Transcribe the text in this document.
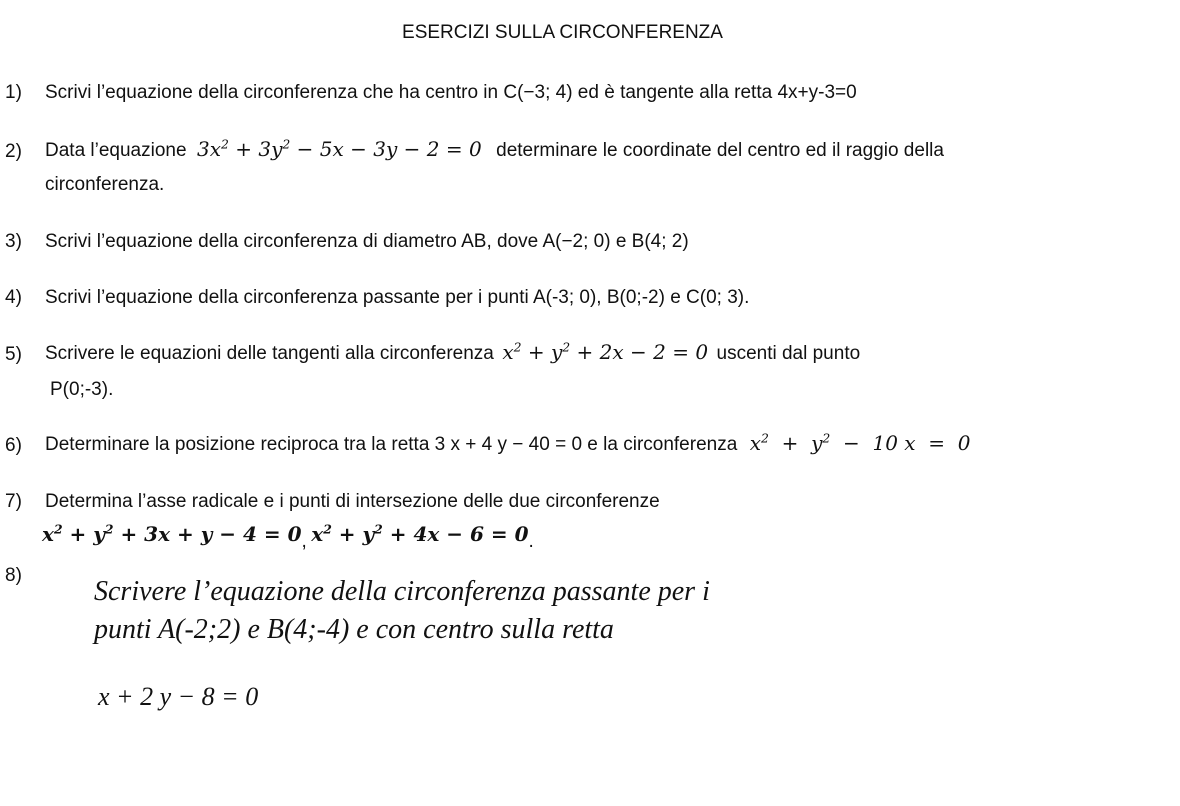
ESERCIZI SULLA CIRCONFERENZA
1) Scrivi l’equazione della circonferenza che ha centro in C(−3; 4) ed è tangente alla retta 4x+y-3=0
2) Data l’equazione $3x^2 + 3y^2 - 5x - 3y - 2 = 0$ determinare le coordinate del centro ed il raggio della
circonferenza.
3) Scrivi l’equazione della circonferenza di diametro AB, dove A(−2; 0) e B(4; 2)
4) Scrivi l’equazione della circonferenza passante per i punti A(-3; 0), B(0;-2) e C(0; 3).
5) Scrivere le equazioni delle tangenti alla circonferenza $x^2 + y^2 + 2x - 2 = 0$ uscenti dal punto
P(0;-3).
6) Determinare la posizione reciproca tra la retta 3 x + 4 y − 40 = 0 e la circonferenza $x^2 + y^2 - 10$ x  =  0
7) Determina l’asse radicale e i punti di intersezione delle due circonferenze
$x^2 + y^2 + 3x + y - 4 = 0$, $x^2 + y^2 + 4x - 6 = 0$.
8)
Scrivere l’equazione della circonferenza passante per i
punti A(-2;2) e B(4;-4) e con centro sulla retta
x + 2 y − 8 = 0
